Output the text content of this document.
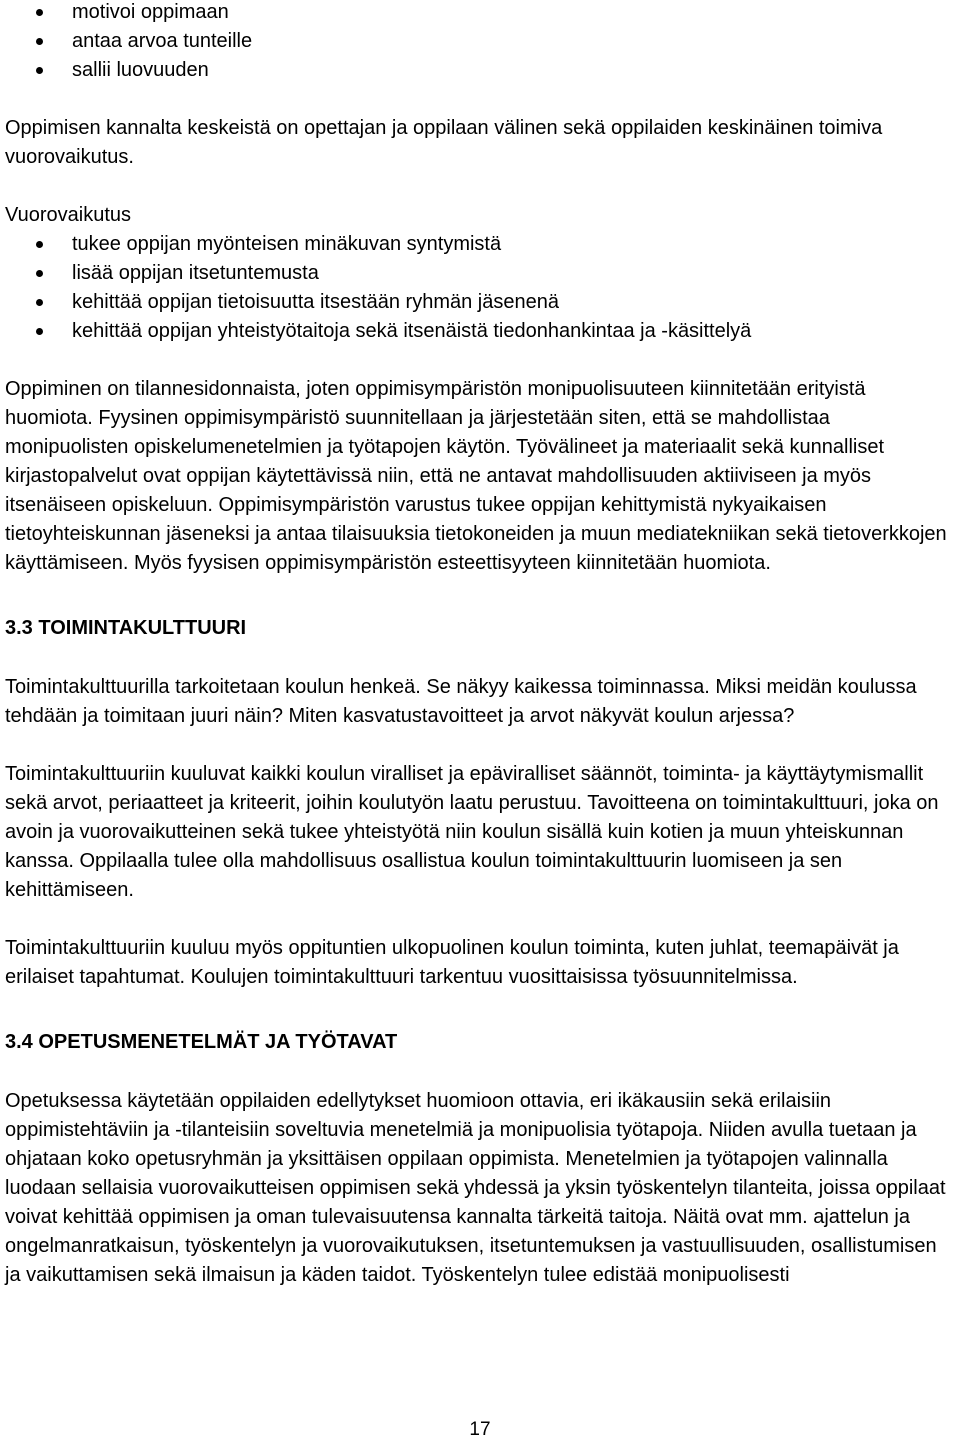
motivoi oppimaan
antaa arvoa tunteille
sallii luovuuden

Oppimisen kannalta keskeistä on opettajan ja oppilaan välinen sekä oppilaiden keskinäinen toimiva vuorovaikutus.

Vuorovaikutus

tukee oppijan myönteisen minäkuvan syntymistä
lisää oppijan itsetuntemusta
kehittää oppijan tietoisuutta itsestään ryhmän jäsenenä
kehittää oppijan yhteistyötaitoja sekä itsenäistä tiedonhankintaa ja -käsittelyä

Oppiminen on tilannesidonnaista, joten oppimisympäristön monipuolisuuteen kiinnitetään erityistä huomiota. Fyysinen oppimisympäristö suunnitellaan ja järjestetään siten, että se mahdollistaa monipuolisten opiskelumenetelmien ja työtapojen käytön. Työvälineet ja materiaalit sekä kunnalliset kirjastopalvelut ovat oppijan käytettävissä niin, että ne antavat mahdollisuuden aktiiviseen ja myös itsenäiseen opiskeluun. Oppimisympäristön varustus tukee oppijan kehittymistä nykyaikaisen tietoyhteiskunnan jäseneksi ja antaa tilaisuuksia tietokoneiden ja muun mediatekniikan sekä tietoverkkojen käyttämiseen. Myös fyysisen oppimisympäristön esteettisyyteen kiinnitetään huomiota.

3.3 TOIMINTAKULTTUURI

Toimintakulttuurilla tarkoitetaan koulun henkeä. Se näkyy kaikessa toiminnassa. Miksi meidän koulussa tehdään ja toimitaan juuri näin? Miten kasvatustavoitteet ja arvot näkyvät koulun arjessa?

Toimintakulttuuriin kuuluvat kaikki koulun viralliset ja epäviralliset säännöt, toiminta- ja käyttäytymismallit sekä arvot, periaatteet ja kriteerit, joihin koulutyön laatu perustuu. Tavoitteena on toimintakulttuuri, joka on avoin ja vuorovaikutteinen sekä tukee yhteistyötä niin koulun sisällä kuin kotien ja muun yhteiskunnan kanssa. Oppilaalla tulee olla mahdollisuus osallistua koulun toimintakulttuurin luomiseen ja sen kehittämiseen.

Toimintakulttuuriin kuuluu myös oppituntien ulkopuolinen koulun toiminta, kuten juhlat, teemapäivät ja erilaiset tapahtumat. Koulujen toimintakulttuuri tarkentuu vuosittaisissa työsuunnitelmissa.

3.4 OPETUSMENETELMÄT JA TYÖTAVAT

Opetuksessa käytetään oppilaiden edellytykset huomioon ottavia, eri ikäkausiin sekä erilaisiin oppimistehtäviin ja -tilanteisiin soveltuvia menetelmiä ja monipuolisia työtapoja. Niiden avulla tuetaan ja ohjataan koko opetusryhmän ja yksittäisen oppilaan oppimista. Menetelmien ja työtapojen valinnalla luodaan sellaisia vuorovaikutteisen oppimisen sekä yhdessä ja yksin työskentelyn tilanteita, joissa oppilaat voivat kehittää oppimisen ja oman tulevaisuutensa kannalta tärkeitä taitoja. Näitä ovat mm. ajattelun ja ongelmanratkaisun, työskentelyn ja vuorovaikutuksen, itsetuntemuksen ja vastuullisuuden, osallistumisen ja vaikuttamisen sekä ilmaisun ja käden taidot. Työskentelyn tulee edistää monipuolisesti

17
